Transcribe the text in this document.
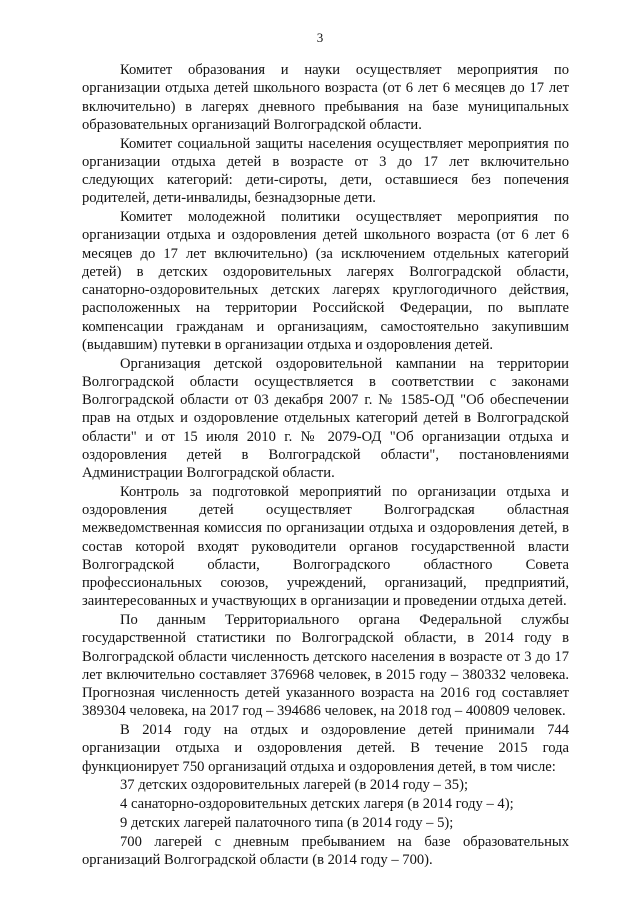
3

Комитет образования и науки осуществляет мероприятия по организации отдыха детей школьного возраста (от 6 лет 6 месяцев до 17 лет включительно) в лагерях дневного пребывания на базе муниципальных образовательных организаций Волгоградской области.

Комитет социальной защиты населения осуществляет мероприятия по организации отдыха детей в возрасте от 3 до 17 лет включительно следующих категорий: дети-сироты, дети, оставшиеся без попечения родителей, дети-инвалиды, безнадзорные дети.

Комитет молодежной политики осуществляет мероприятия по организации отдыха и оздоровления детей школьного возраста (от 6 лет 6 месяцев до 17 лет включительно) (за исключением отдельных категорий детей) в детских оздоровительных лагерях Волгоградской области, санаторно-оздоровительных детских лагерях круглогодичного действия, расположенных на территории Российской Федерации, по выплате компенсации гражданам и организациям, самостоятельно закупившим (выдавшим) путевки в организации отдыха и оздоровления детей.

Организация детской оздоровительной кампании на территории Волгоградской области осуществляется в соответствии с законами Волгоградской области от 03 декабря 2007 г. № 1585-ОД "Об обеспечении прав на отдых и оздоровление отдельных категорий детей в Волгоградской области" и от 15 июля 2010 г. № 2079-ОД "Об организации отдыха и оздоровления детей в Волгоградской области", постановлениями Администрации Волгоградской области.

Контроль за подготовкой мероприятий по организации отдыха и оздоровления детей осуществляет Волгоградская областная межведомственная комиссия по организации отдыха и оздоровления детей, в состав которой входят руководители органов государственной власти Волгоградской области, Волгоградского областного Совета профессиональных союзов, учреждений, организаций, предприятий, заинтересованных и участвующих в организации и проведении отдыха детей.

По данным Территориального органа Федеральной службы государственной статистики по Волгоградской области, в 2014 году в Волгоградской области численность детского населения в возрасте от 3 до 17 лет включительно составляет 376968 человек, в 2015 году – 380332 человека. Прогнозная численность детей указанного возраста на 2016 год составляет 389304 человека, на 2017 год – 394686 человек, на 2018 год – 400809 человек.

В 2014 году на отдых и оздоровление детей принимали 744 организации отдыха и оздоровления детей. В течение 2015 года функционирует 750 организаций отдыха и оздоровления детей, в том числе:

37 детских оздоровительных лагерей (в 2014 году – 35);

4 санаторно-оздоровительных детских лагеря (в 2014 году – 4);

9 детских лагерей палаточного типа (в 2014 году – 5);

700 лагерей с дневным пребыванием на базе образовательных организаций Волгоградской области (в 2014 году – 700).
